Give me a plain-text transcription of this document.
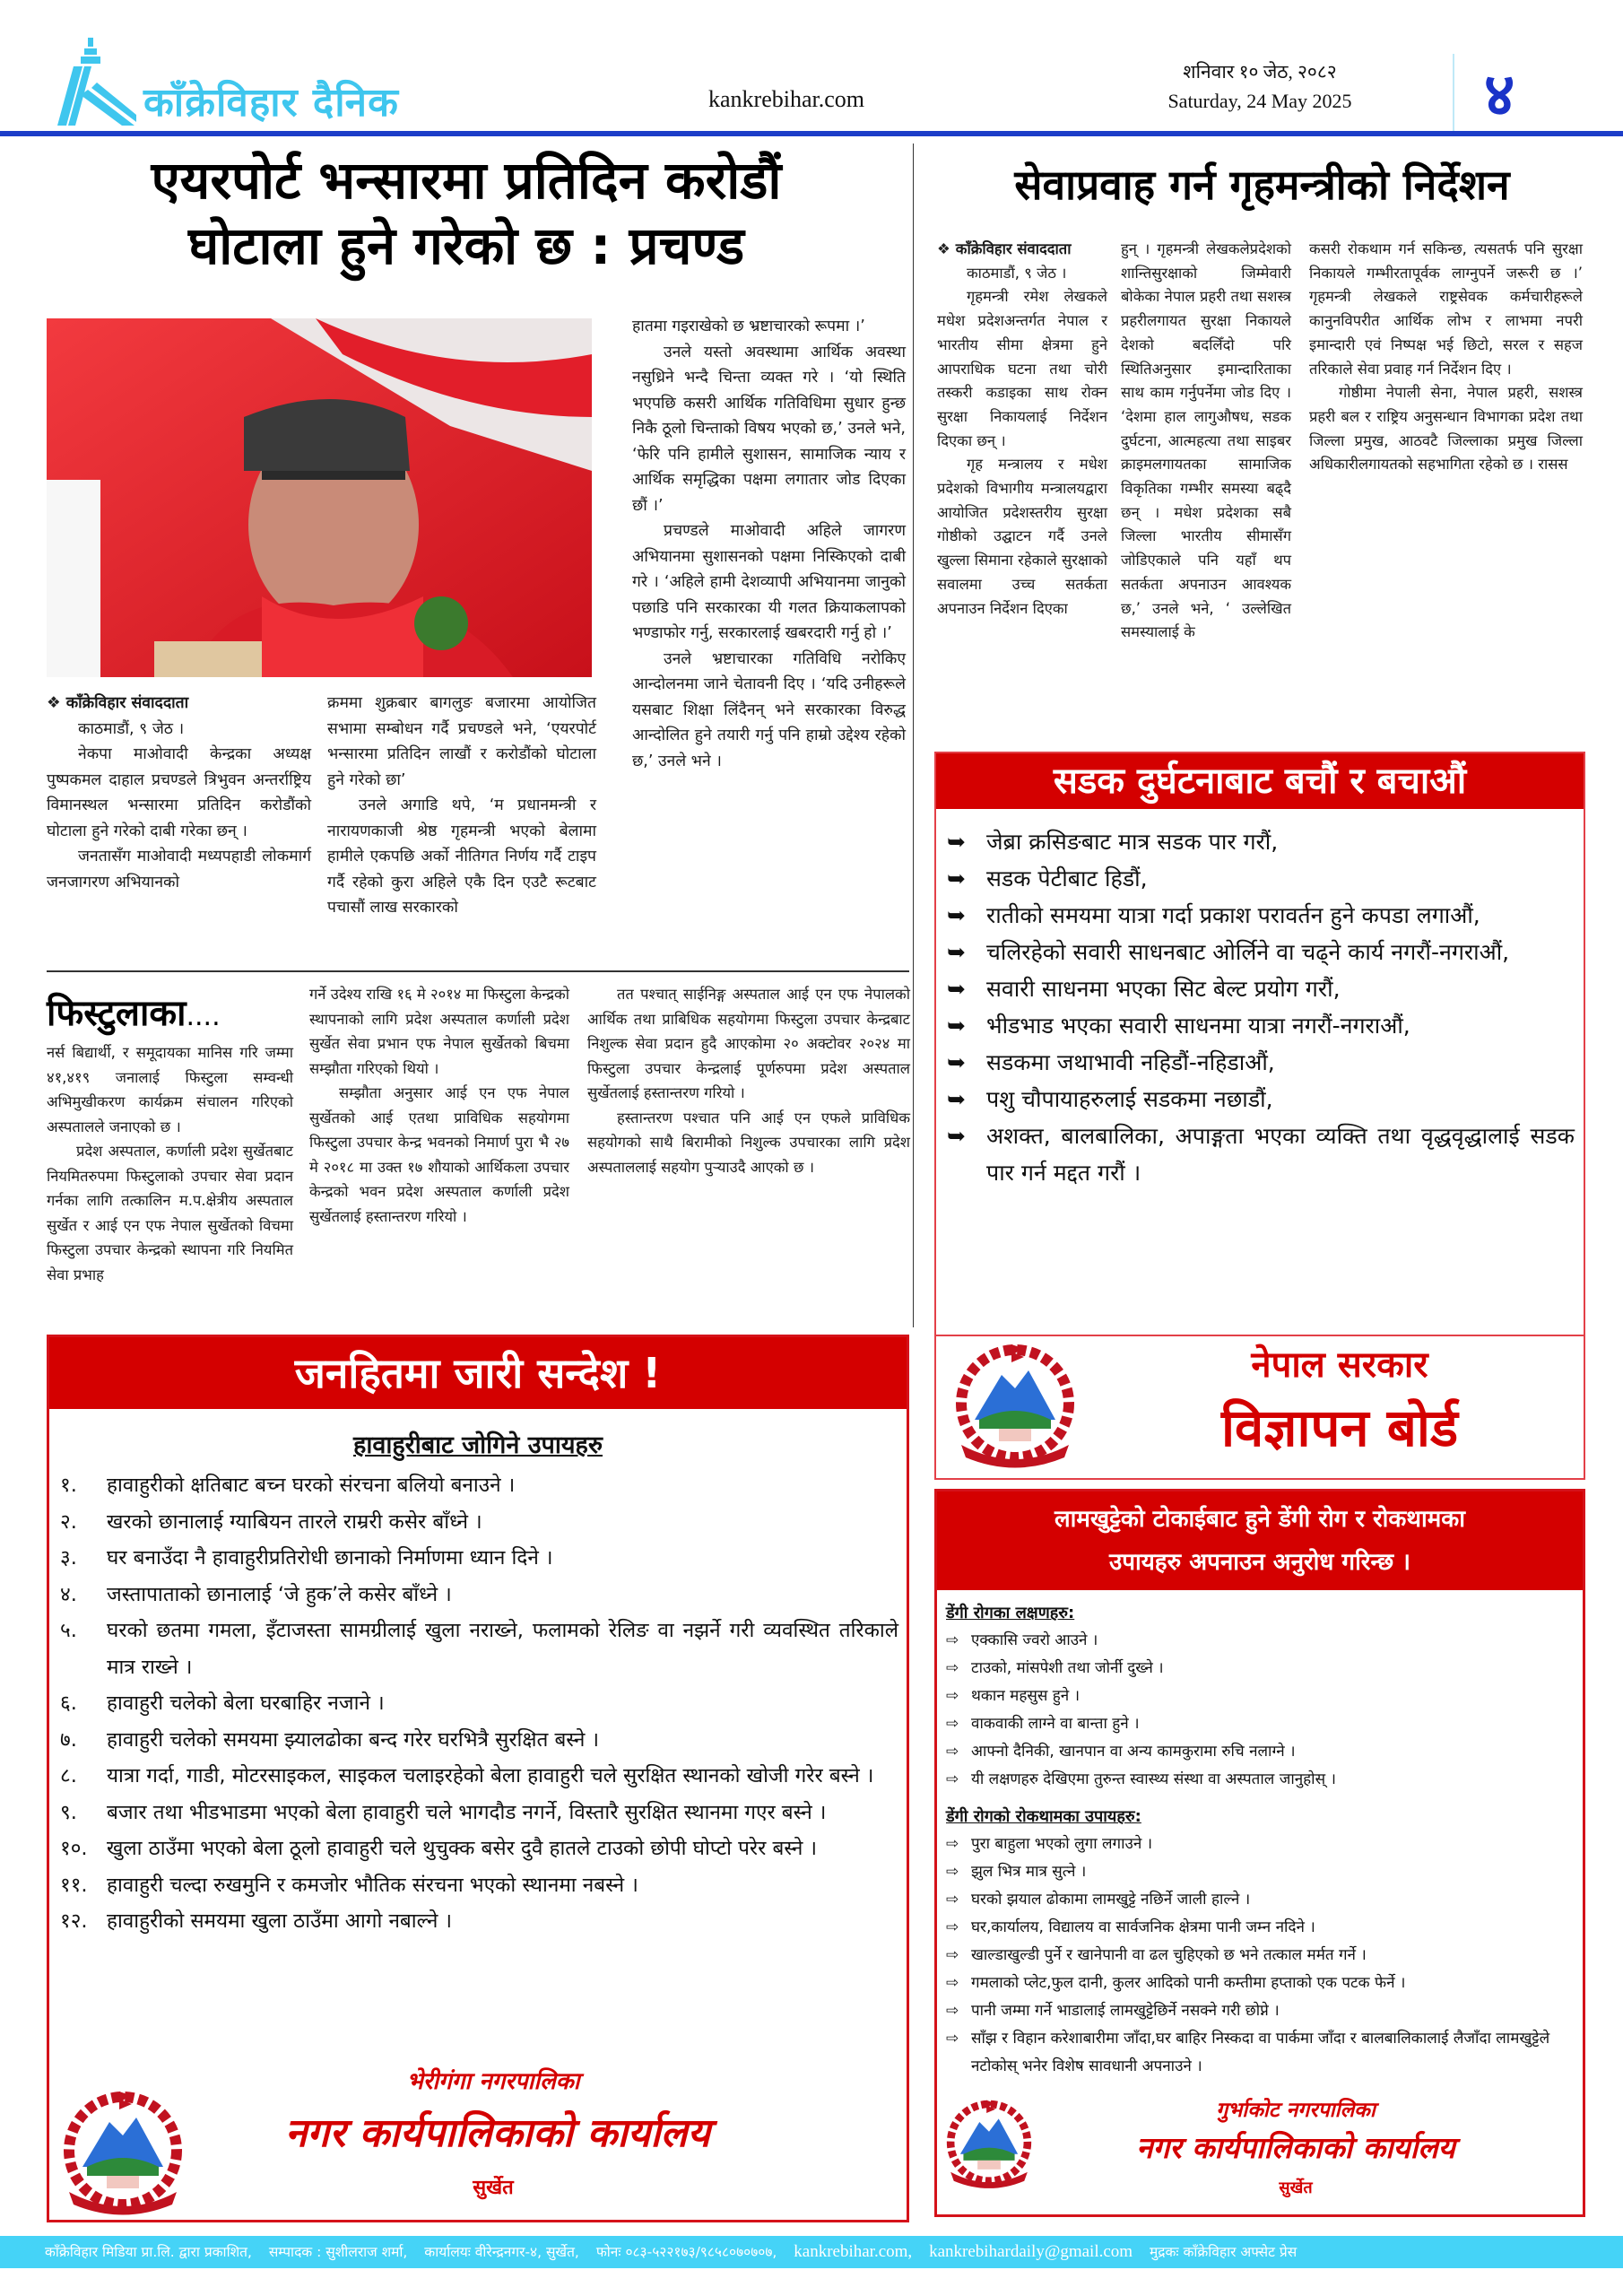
काँक्रेविहार दैनिक	kankrebihar.com
शनिवार १० जेठ, २०८२
Saturday, 24 May 2025 ४
एयरपोर्ट भन्सारमा प्रतिदिन करोडौं
घोटाला हुने गरेको छ : प्रचण्ड

❖ काँक्रेविहार संवाददाता

काठमाडौं, ९ जेठ ।

नेकपा माओवादी केन्द्रका अध्यक्ष पुष्पकमल दाहाल प्रचण्डले त्रिभुवन अन्तर्राष्ट्रिय विमानस्थल भन्सारमा प्रतिदिन करोडौंको घोटाला हुने गरेको दाबी गरेका छन् ।

जनतासँग माओवादी मध्यपहाडी लोकमार्ग जनजागरण अभियानको

क्रममा शुक्रबार बागलुङ बजारमा आयोजित सभामा सम्बोधन गर्दै प्रचण्डले भने, ‘एयरपोर्ट भन्सारमा प्रतिदिन लाखौं र करोडौंको घोटाला हुने गरेको छा’

उनले अगाडि थपे, ‘म प्रधानमन्त्री र नारायणकाजी श्रेष्ठ गृहमन्त्री भएको बेलामा हामीले एकपछि अर्को नीतिगत निर्णय गर्दै टाइप गर्दै रहेको कुरा अहिले एकै दिन एउटै रूटबाट पचासौं लाख सरकारको

हातमा गइराखेको छ भ्रष्टाचारको रूपमा ।’

उनले यस्तो अवस्थामा आर्थिक अवस्था नसुध्रिने भन्दै चिन्ता व्यक्त गरे । ‘यो स्थिति भएपछि कसरी आर्थिक गतिविधिमा सुधार हुन्छ निकै ठूलो चिन्ताको विषय भएको छ,’ उनले भने, ‘फेरि पनि हामीले सुशासन, सामाजिक न्याय र आर्थिक समृद्धिका पक्षमा लगातार जोड दिएका छौं ।’

प्रचण्डले माओवादी अहिले जागरण अभियानमा सुशासनको पक्षमा निस्किएको दाबी गरे । ‘अहिले हामी देशव्यापी अभियानमा जानुको पछाडि पनि सरकारका यी गलत क्रियाकलापको भण्डाफोर गर्नु, सरकारलाई खबरदारी गर्नु हो ।’

उनले भ्रष्टाचारका गतिविधि नरोकिए आन्दोलनमा जाने चेतावनी दिए । ‘यदि उनीहरूले यसबाट शिक्षा लिंदैनन् भने सरकारका विरुद्ध आन्दोलित हुने तयारी गर्नु पनि हाम्रो उद्देश्य रहेको छ,’ उनले भने ।

सेवाप्रवाह गर्न गृहमन्त्रीको निर्देशन

❖ काँक्रेविहार संवाददाता

काठमाडौं, ९ जेठ ।

गृहमन्त्री रमेश लेखकले मधेश प्रदेशअन्तर्गत नेपाल र भारतीय सीमा क्षेत्रमा हुने आपराधिक घटना तथा चोरी तस्करी कडाइका साथ रोक्न सुरक्षा निकायलाई निर्देशन दिएका छन् ।

गृह मन्त्रालय र मधेश प्रदेशको विभागीय मन्त्रालयद्वारा आयोजित प्रदेशस्तरीय सुरक्षा गोष्ठीको उद्घाटन गर्दै उनले खुल्ला सिमाना रहेकाले सुरक्षाको सवालमा उच्च सतर्कता अपनाउन निर्देशन दिएका

हुन् । गृहमन्त्री लेखकलेप्रदेशको शान्तिसुरक्षाको जिम्मेवारी बोकेका नेपाल प्रहरी तथा सशस्त्र प्रहरीलगायत सुरक्षा निकायले देशको बदलिँदो परि स्थितिअनुसार इमान्दारिताका साथ काम गर्नुपर्नेमा जोड दिए । ‘देशमा हाल लागुऔषध, सडक दुर्घटना, आत्महत्या तथा साइबर क्राइमलगायतका सामाजिक विकृतिका गम्भीर समस्या बढ्दै छन् । मधेश प्रदेशका सबै जिल्ला भारतीय सीमासँग जोडिएकाले पनि यहाँ थप सतर्कता अपनाउन आवश्यक छ,’ उनले भने, ‘ उल्लेखित समस्यालाई के

कसरी रोकथाम गर्न सकिन्छ, त्यसतर्फ पनि सुरक्षा निकायले गम्भीरतापूर्वक लाग्नुपर्ने जरूरी छ ।’ गृहमन्त्री लेखकले राष्ट्रसेवक कर्मचारीहरूले कानुनविपरीत आर्थिक लोभ र लाभमा नपरी इमान्दारी एवं निष्पक्ष भई छिटो, सरल र सहज तरिकाले सेवा प्रवाह गर्न निर्देशन दिए ।

गोष्ठीमा नेपाली सेना, नेपाल प्रहरी, सशस्त्र प्रहरी बल र राष्ट्रिय अनुसन्धान विभागका प्रदेश तथा जिल्ला प्रमुख, आठवटै जिल्लाका प्रमुख जिल्ला अधिकारीलगायतको सहभागिता रहेको छ । रासस

फिस्टुलाका....

नर्स बिद्यार्थी, र समूदायका मानिस गरि जम्मा ४१,४१९ जनालाई फिस्टुला सम्वन्धी अभिमुखीकरण कार्यक्रम संचालन गरिएको अस्पतालले जनाएको छ ।

प्रदेश अस्पताल, कर्णाली प्रदेश सुर्खेतबाट नियमितरुपमा फिस्टुलाको उपचार सेवा प्रदान गर्नका लागि तत्कालिन म.प.क्षेत्रीय अस्पताल सुर्खेत र आई एन एफ नेपाल सुर्खेतको विचमा फिस्टुला उपचार केन्द्रको स्थापना गरि नियमित सेवा प्रभाह

गर्ने उदेश्य राखि १६ मे २०१४ मा फिस्टुला केन्द्रको स्थापनाको लागि प्रदेश अस्पताल कर्णाली प्रदेश सुर्खेत सेवा प्रभान एफ नेपाल सुर्खेतको बिचमा सम्झौता गरिएको थियो ।

सम्झौता अनुसार आई एन एफ नेपाल सुर्खेतको आई एतथा प्राविधिक सहयोगमा फिस्टुला उपचार केन्द्र भवनको निमार्ण पुरा भै २७ मे २०१८ मा उक्त १७ शौयाको आर्थिकला उपचार केन्द्रको भवन प्रदेश अस्पताल कर्णाली प्रदेश सुर्खेतलाई हस्तान्तरण गरियो ।

तत पश्चात् साईनिङ्ग अस्पताल आई एन एफ नेपालको आर्थिक तथा प्राबिधिक सहयोगमा फिस्टुला उपचार केन्द्रबाट निशुल्क सेवा प्रदान हुदै आएकोमा २० अक्टोवर २०२४ मा फिस्टुला उपचार केन्द्रलाई पूर्णरुपमा प्रदेश अस्पताल सुर्खेतलाई हस्तान्तरण गरियो ।

हस्तान्तरण पश्चात पनि आई एन एफले प्राविधिक सहयोगको साथै बिरामीको निशुल्क उपचारका लागि प्रदेश अस्पताललाई सहयोग पुर्‍याउदै आएको छ ।

जनहितमा जारी सन्देश !
हावाहुरीबाट जोगिने उपायहरु
१.	हावाहुरीको क्षतिबाट बच्न घरको संरचना बलियो बनाउने ।
२.	खरको छानालाई ग्याबियन तारले राम्ररी कसेर बाँध्ने ।
३.	घर बनाउँदा नै हावाहुरीप्रतिरोधी छानाको निर्माणमा ध्यान दिने ।
४.	जस्तापाताको छानालाई ‘जे हुक’ले कसेर बाँध्ने ।
५.	घरको छतमा गमला, इँटाजस्ता सामग्रीलाई खुला नराख्ने, फलामको रेलिङ वा नझर्ने गरी व्यवस्थित तरिकाले मात्र राख्ने ।
६.	हावाहुरी चलेको बेला घरबाहिर नजाने ।
७.	हावाहुरी चलेको समयमा झ्यालढोका बन्द गरेर घरभित्रै सुरक्षित बस्ने ।
८.	यात्रा गर्दा, गाडी, मोटरसाइकल, साइकल चलाइरहेको बेला हावाहुरी चले सुरक्षित स्थानको खोजी गरेर बस्ने ।
९.	बजार तथा भीडभाडमा भएको बेला हावाहुरी चले भागदौड नगर्ने, विस्तारै सुरक्षित स्थानमा गएर बस्ने ।
१०. खुला ठाउँमा भएको बेला ठूलो हावाहुरी चले थुचुक्क बसेर दुवै हातले टाउको छोपी घोप्टो परेर बस्ने ।
११. हावाहुरी चल्दा रुखमुनि र कमजोर भौतिक संरचना भएको स्थानमा नबस्ने ।
१२. हावाहुरीको समयमा खुला ठाउँमा आगो नबाल्ने ।
भेरीगंगा नगरपालिका
नगर कार्यपालिकाको कार्यालय
सुर्खेत
सडक दुर्घटनाबाट बचौं र बचाऔं
➥ जेब्रा क्रसिङबाट मात्र सडक पार गरौं,
➥ सडक पेटीबाट हिडौं,
➥ रातीको समयमा यात्रा गर्दा प्रकाश परावर्तन हुने कपडा लगाऔं,
➥ चलिरहेको सवारी साधनबाट ओर्लिने वा चढ्ने कार्य नगरौं-नगराऔं,
➥ सवारी साधनमा भएका सिट बेल्ट प्रयोग गरौं,
➥ भीडभाड भएका सवारी साधनमा यात्रा नगरौं-नगराऔं,
➥ सडकमा जथाभावी नहिडौं-नहिडाऔं,
➥ पशु चौपायाहरुलाई सडकमा नछाडौं,
➥ अशक्त, बालबालिका, अपाङ्गता भएका व्यक्ति तथा वृद्धवृद्धालाई सडक पार गर्न मद्दत गरौं ।
नेपाल सरकार
विज्ञापन बोर्ड
लामखुट्टेको टोकाईबाट हुने डेंगी रोग र रोकथामका
उपायहरु अपनाउन अनुरोध गरिन्छ ।
डेंगी रोगका लक्षणहरु:
⇨ एक्कासि ज्वरो आउने ।
⇨ टाउको, मांसपेशी तथा जोर्नी दुख्ने ।
⇨ थकान महसुस हुने ।
⇨ वाकवाकी लाग्ने वा बान्ता हुने ।
⇨ आफ्नो दैनिकी, खानपान वा अन्य कामकुरामा रुचि नलाग्ने ।
⇨ यी लक्षणहरु देखिएमा तुरुन्त स्वास्थ्य संस्था वा अस्पताल जानुहोस् ।
डेंगी रोगको रोकथामका उपायहरु:
⇨ पुरा बाहुला भएको लुगा लगाउने ।
⇨ झुल भित्र मात्र सुत्ने ।
⇨ घरको झयाल ढोकामा लामखुट्टे नछिर्ने जाली हाल्ने ।
⇨ घर,कार्यालय, विद्यालय वा सार्वजनिक क्षेत्रमा पानी जम्न नदिने ।
⇨ खाल्डाखुल्डी पुर्ने र खानेपानी वा ढल चुहिएको छ भने तत्काल मर्मत गर्ने ।
⇨ गमलाको प्लेट,फुल दानी, कुलर आदिको पानी कम्तीमा हप्ताको एक पटक फेर्ने ।
⇨ पानी जम्मा गर्ने भाडालाई लामखुट्टेछिर्ने नसक्ने गरी छोप्ने ।
⇨ साँझ र विहान करेशाबारीमा जाँदा,घर बाहिर निस्कदा वा पार्कमा जाँदा र बालबालिकालाई लैजाँदा लामखुट्टेले नटोकोस् भनेर विशेष सावधानी अपनाउने ।
गुर्भाकोट नगरपालिका
नगर कार्यपालिकाको कार्यालय
सुर्खेत
काँक्रेविहार मिडिया प्रा.लि. द्वारा प्रकाशित, सम्पादक : सुशीलराज शर्मा, कार्यालयः वीरेन्द्रनगर-४, सुर्खेत, फोनः ०८३-५२२१७३/९८५८०७०७०७, kankrebihar.com, kankrebihardaily@gmail.com मुद्रकः काँक्रेविहार अफ्सेट प्रेस
